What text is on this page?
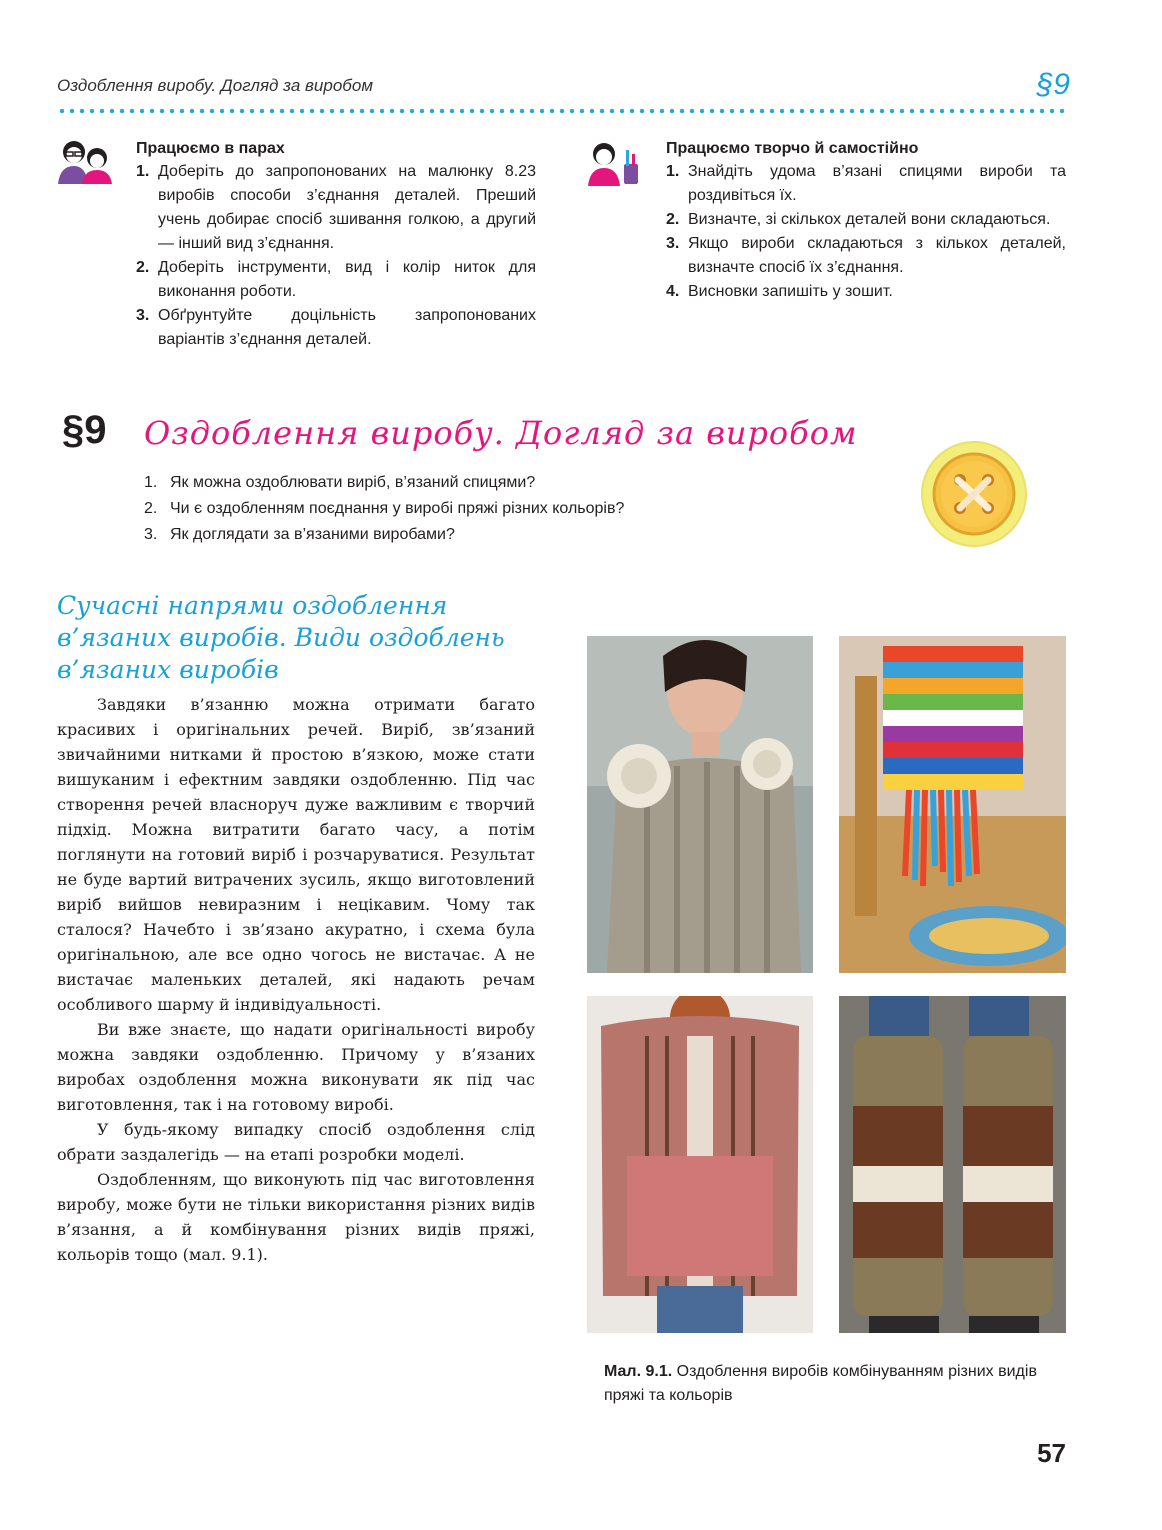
Оздоблення виробу. Догляд за виробом	§9
Працюємо в парах
1. Доберіть до запропонованих на малюнку 8.23 виробів способи з’єднання деталей. Преший учень добирає спосіб зшивання голкою, а другий — інший вид з’єднання.
2. Доберіть інструменти, вид і колір ниток для виконання роботи.
3. Обґрунтуйте доцільність запропонованих варіантів з’єднання деталей.
Працюємо творчо й самостійно
1. Знайдіть удома в’язані спицями вироби та роздивіться їх.
2. Визначте, зі скількох деталей вони складаються.
3. Якщо вироби складаються з кількох деталей, визначте спосіб їх з’єднання.
4. Висновки запишіть у зошит.
§9 Оздоблення виробу. Догляд за виробом
1. Як можна оздоблювати виріб, в’язаний спицями?
2. Чи є оздобленням поєднання у виробі пряжі різних кольорів?
3. Як доглядати за в’язаними виробами?
Сучасні напрями оздоблення в’язаних виробів. Види оздоблень в’язаних виробів

Завдяки в’язанню можна отримати багато красивих і оригінальних речей. Виріб, зв’язаний звичайними нитками й простою в’язкою, може стати вишуканим і ефектним завдяки оздобленню. Під час створення речей власноруч дуже важливим є творчий підхід. Можна витратити багато часу, а потім поглянути на готовий виріб і розчаруватися. Результат не буде вартий витрачених зусиль, якщо виготовлений виріб вийшов невиразним і нецікавим. Чому так сталося? Начебто і зв’язано акуратно, і схема була оригінальною, але все одно чогось не вистачає. А не вистачає маленьких деталей, які надають речам особливого шарму й індивідуальності.

Ви вже знаєте, що надати оригінальності виробу можна завдяки оздобленню. Причому у в’язаних виробах оздоблення можна виконувати як під час виготовлення, так і на готовому виробі.

У будь-якому випадку спосіб оздоблення слід обрати заздалегідь — на етапі розробки моделі.

Оздобленням, що виконують під час виготовлення виробу, може бути не тільки використання різних видів в’язання, а й комбінування різних видів пряжі, кольорів тощо (мал. 9.1).

Мал. 9.1. Оздоблення виробів комбінуванням різних видів пряжі та кольорів
57
